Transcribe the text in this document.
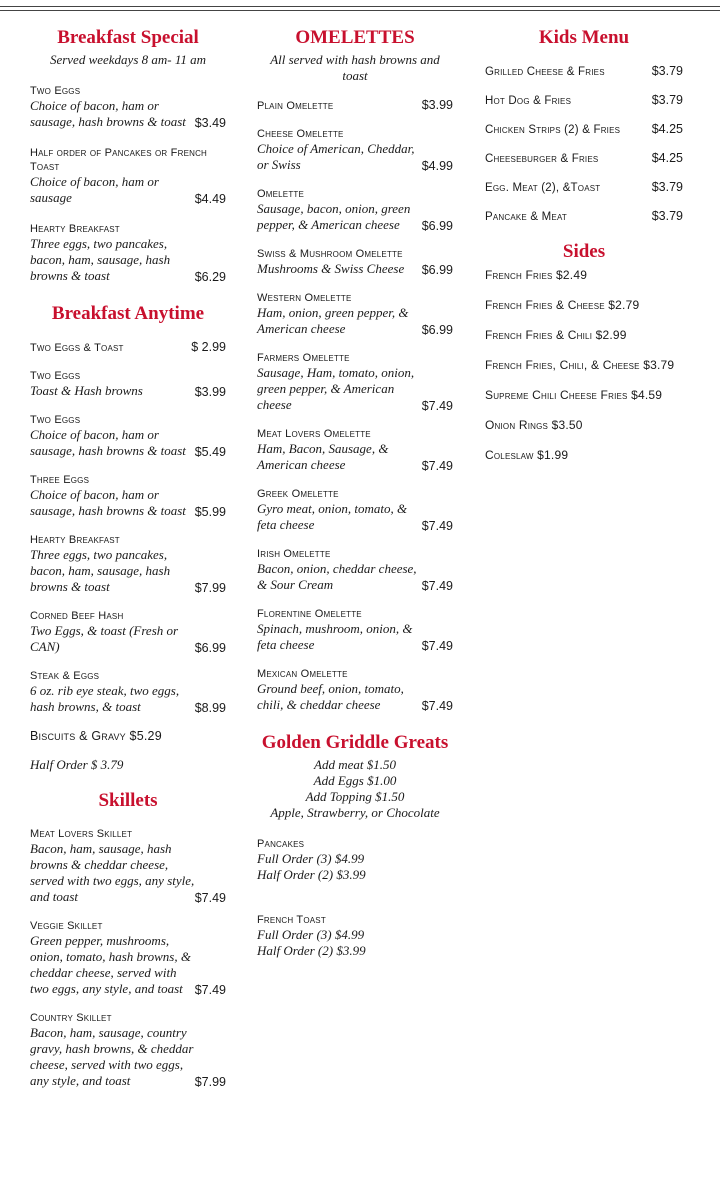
Breakfast Special

Served weekdays 8 am- 11 am

Two Eggs
Choice of bacon, ham or sausage, hash browns & toast $3.49
Half order of Pancakes or French Toast
Choice of bacon, ham or sausage	$4.49
Hearty Breakfast
Three eggs, two pancakes, bacon, ham, sausage, hash browns & toast	$6.29
Breakfast Anytime
Two Eggs & Toast	$ 2.99
Two Eggs
Toast & Hash browns	$3.99
Two Eggs
Choice of bacon, ham or sausage, hash browns & toast $5.49
Three Eggs
Choice of bacon, ham or sausage, hash browns & toast $5.99
Hearty Breakfast
Three eggs, two pancakes, bacon, ham, sausage, hash browns & toast	$7.99
Corned Beef Hash
Two Eggs, & toast (Fresh or CAN)	$6.99
Steak & Eggs
6 oz. rib eye steak, two eggs, hash browns, & toast	$8.99
Biscuits & Gravy $5.29
Half Order $ 3.79
Skillets
Meat Lovers Skillet
Bacon, ham, sausage, hash browns & cheddar cheese, served with two eggs, any style, and toast	$7.49
Veggie Skillet
Green pepper, mushrooms, onion, tomato, hash browns, & cheddar cheese, served with two eggs, any style, and toast $7.49
Country Skillet
Bacon, ham, sausage, country gravy, hash browns, & cheddar cheese, served with two eggs, any style, and toast	$7.99
OMELETTES

All served with hash browns and toast

Plain Omelette	$3.99
Cheese Omelette
Choice of American, Cheddar, or Swiss	$4.99
Omelette
Sausage, bacon, onion, green pepper, & American cheese	$6.99
Swiss & Mushroom Omelette
Mushrooms & Swiss Cheese $6.99
Western Omelette
Ham, onion, green pepper, & American cheese	$6.99
Farmers Omelette
Sausage, Ham, tomato, onion, green pepper, & American cheese	$7.49
Meat Lovers Omelette
Ham, Bacon, Sausage, & American cheese	$7.49
Greek Omelette
Gyro meat, onion, tomato, & feta cheese	$7.49
Irish Omelette
Bacon, onion, cheddar cheese, & Sour Cream	$7.49
Florentine Omelette
Spinach, mushroom, onion, & feta cheese	$7.49
Mexican Omelette
Ground beef, onion, tomato, chili, & cheddar cheese	$7.49
Golden Griddle Greats
Add meat $1.50
Add Eggs $1.00
Add Topping $1.50
Apple, Strawberry, or Chocolate
Pancakes
Full Order (3) $4.99
Half Order (2) $3.99
French Toast
Full Order (3) $4.99
Half Order (2) $3.99
Kids Menu
Grilled Cheese & Fries	$3.79
Hot Dog & Fries	$3.79
Chicken Strips (2) & Fries	$4.25
Cheeseburger & Fries	$4.25
Egg. Meat (2), &Toast	$3.79
Pancake & Meat	$3.79
Sides
French Fries $2.49
French Fries & Cheese $2.79
French Fries & Chili $2.99
French Fries, Chili, & Cheese $3.79
Supreme Chili Cheese Fries $4.59
Onion Rings $3.50
Coleslaw $1.99
